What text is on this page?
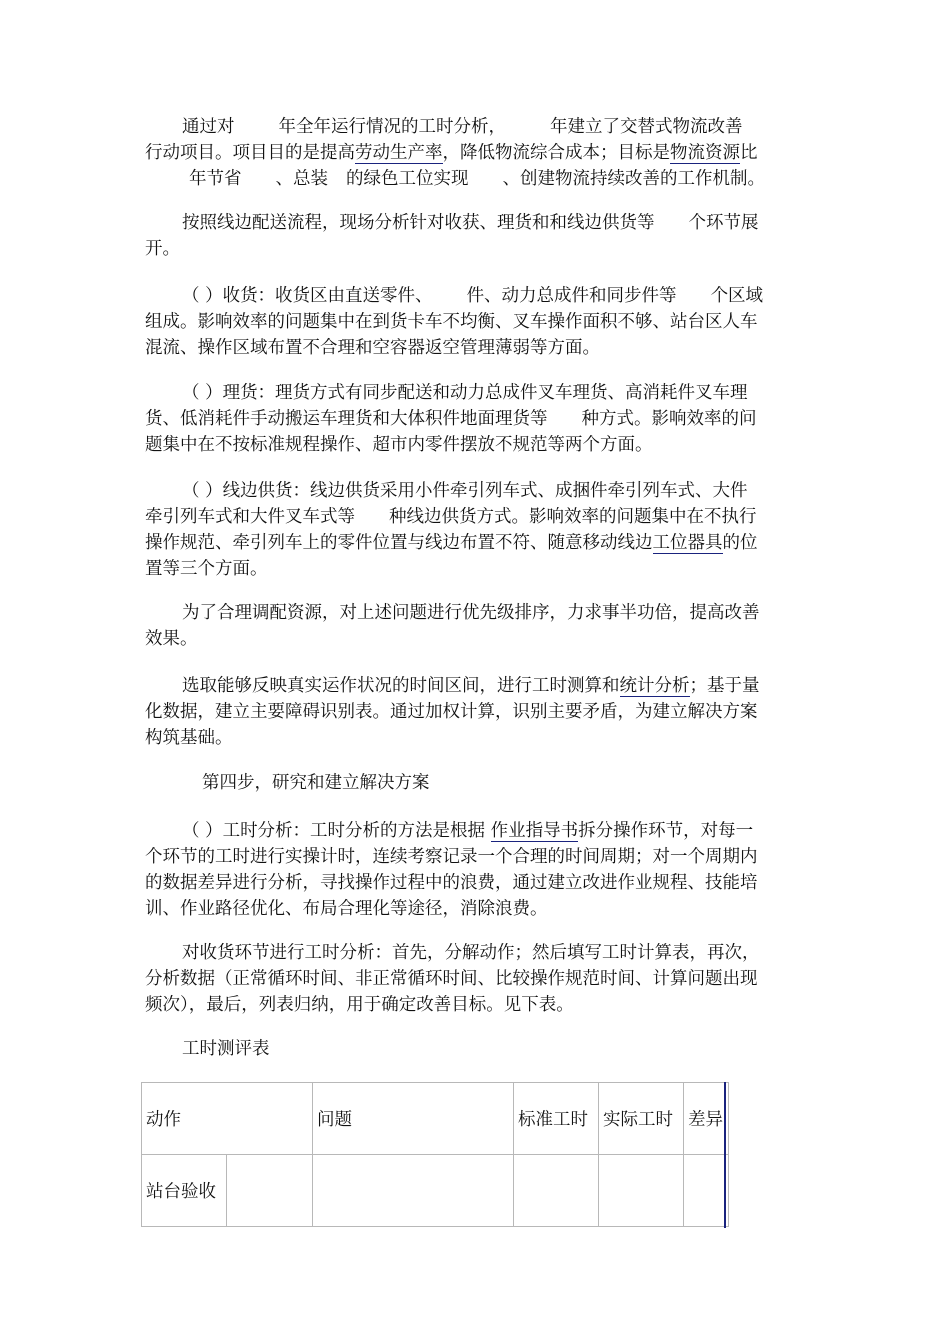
通过对	年全年运行情况的工时分析，	年建立了交替式物流改善
行动项目。项目目的是提高劳动生产率，降低物流综合成本；目标是物流资源比
年节省 、总装 的绿色工位实现 、创建物流持续改善的工作机制。

按照线边配送流程，现场分析针对收获、理货和和线边供货等 个环节展
开。

（ ）收货：收货区由直送零件、 件、动力总成件和同步件等 个区域
组成。影响效率的问题集中在到货卡车不均衡、叉车操作面积不够、站台区人车
混流、操作区域布置不合理和空容器返空管理薄弱等方面。

（ ）理货：理货方式有同步配送和动力总成件叉车理货、高消耗件叉车理
货、低消耗件手动搬运车理货和大体积件地面理货等 种方式。影响效率的问
题集中在不按标准规程操作、超市内零件摆放不规范等两个方面。

（ ）线边供货：线边供货采用小件牵引列车式、成捆件牵引列车式、大件
牵引列车式和大件叉车式等 种线边供货方式。影响效率的问题集中在不执行
操作规范、牵引列车上的零件位置与线边布置不符、随意移动线边工位器具的位
置等三个方面。

为了合理调配资源，对上述问题进行优先级排序，力求事半功倍，提高改善
效果。

选取能够反映真实运作状况的时间区间，进行工时测算和统计分析；基于量
化数据，建立主要障碍识别表。通过加权计算，识别主要矛盾，为建立解决方案
构筑基础。

第四步，研究和建立解决方案

（ ）工时分析：工时分析的方法是根据 作业指导书拆分操作环节，对每一
个环节的工时进行实操计时，连续考察记录一个合理的时间周期；对一个周期内
的数据差异进行分析，寻找操作过程中的浪费，通过建立改进作业规程、技能培
训、作业路径优化、布局合理化等途径，消除浪费。

对收货环节进行工时分析：首先，分解动作；然后填写工时计算表，再次，
分析数据（正常循环时间、非正常循环时间、比较操作规范时间、计算问题出现
频次），最后，列表归纳，用于确定改善目标。见下表。

工时测评表

动作		问题	标准工时	实际工时	差异
站台验收					
